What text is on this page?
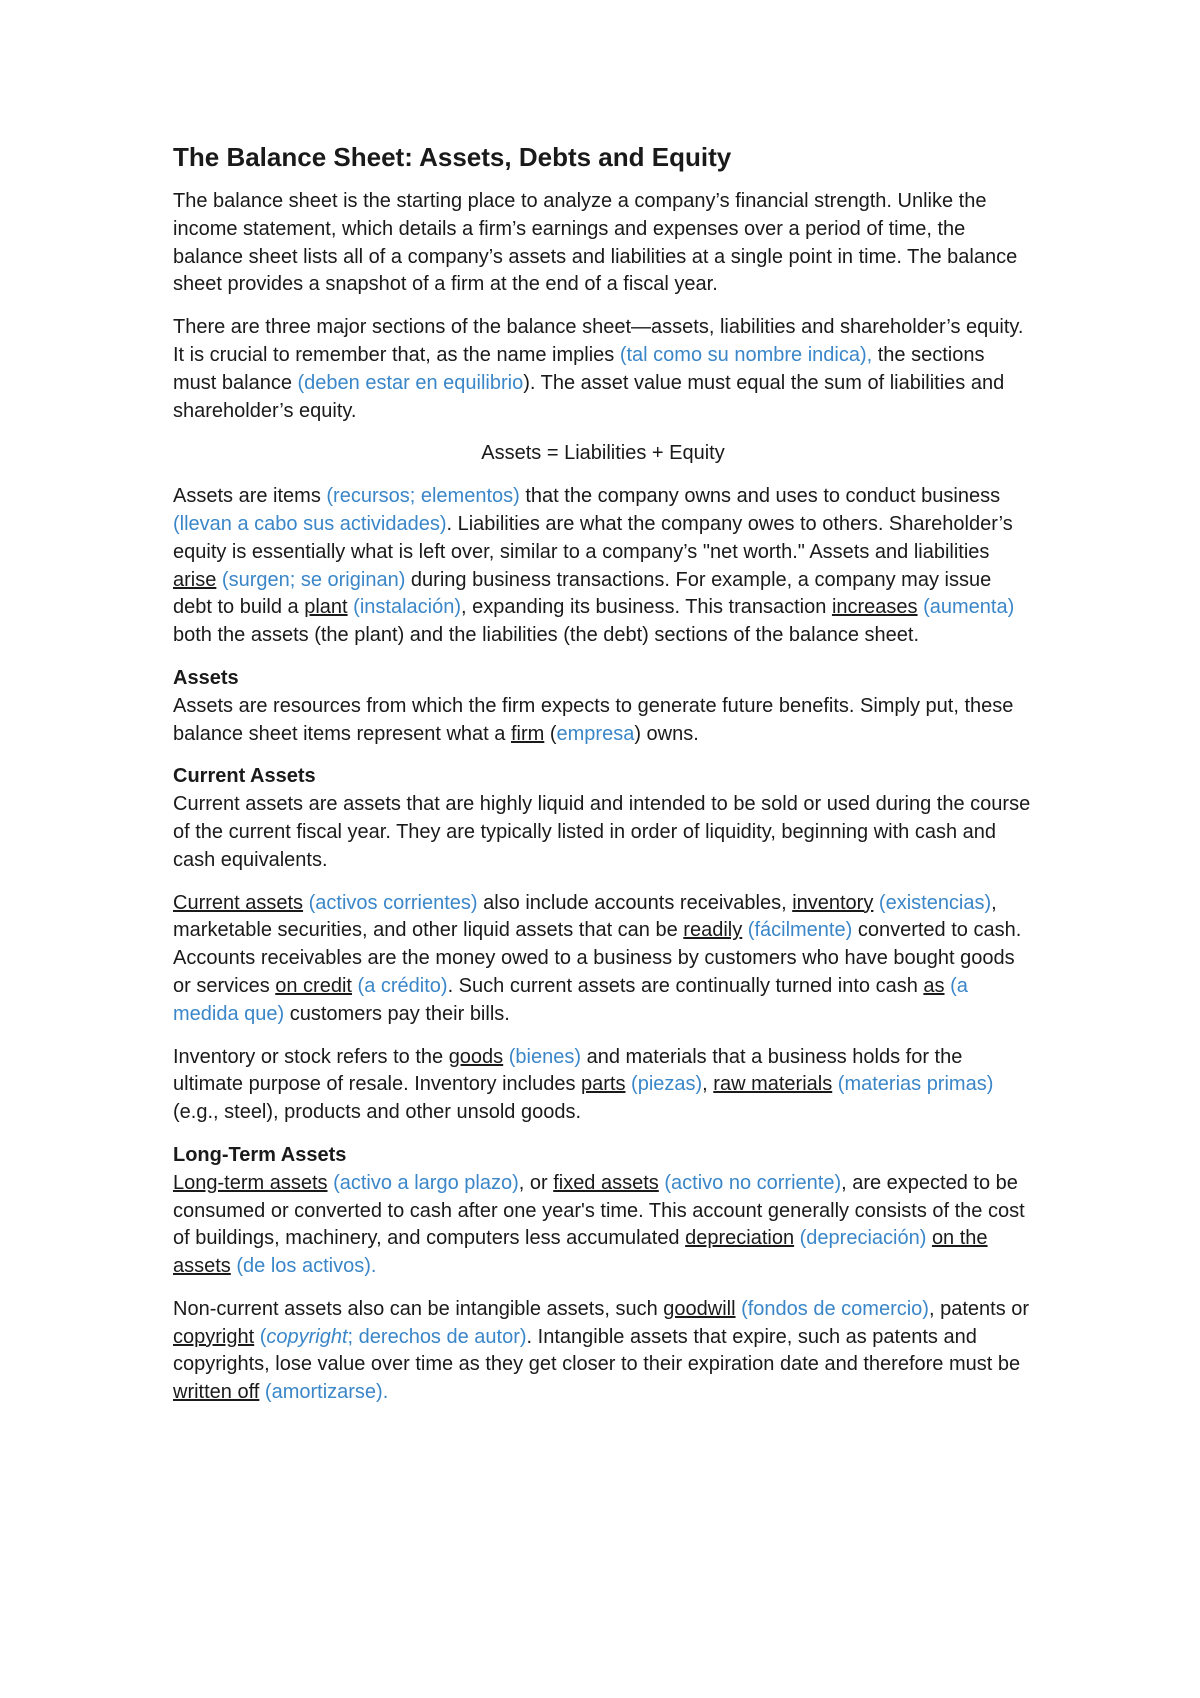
The Balance Sheet: Assets, Debts and Equity

The balance sheet is the starting place to analyze a company’s financial strength. Unlike the income statement, which details a firm’s earnings and expenses over a period of time, the balance sheet lists all of a company’s assets and liabilities at a single point in time. The balance sheet provides a snapshot of a firm at the end of a fiscal year.

There are three major sections of the balance sheet—assets, liabilities and shareholder’s equity. It is crucial to remember that, as the name implies (tal como su nombre indica), the sections must balance (deben estar en equilibrio). The asset value must equal the sum of liabilities and shareholder’s equity.

Assets = Liabilities + Equity

Assets are items (recursos; elementos) that the company owns and uses to conduct business (llevan a cabo sus actividades). Liabilities are what the company owes to others. Shareholder’s equity is essentially what is left over, similar to a company’s "net worth." Assets and liabilities arise (surgen; se originan) during business transactions. For example, a company may issue debt to build a plant (instalación), expanding its business. This transaction increases (aumenta) both the assets (the plant) and the liabilities (the debt) sections of the balance sheet.

Assets
Assets are resources from which the firm expects to generate future benefits. Simply put, these balance sheet items represent what a firm (empresa) owns.

Current Assets
Current assets are assets that are highly liquid and intended to be sold or used during the course of the current fiscal year. They are typically listed in order of liquidity, beginning with cash and cash equivalents.

Current assets (activos corrientes) also include accounts receivables, inventory (existencias), marketable securities, and other liquid assets that can be readily (fácilmente) converted to cash. Accounts receivables are the money owed to a business by customers who have bought goods or services on credit (a crédito). Such current assets are continually turned into cash as (a medida que) customers pay their bills.

Inventory or stock refers to the goods (bienes) and materials that a business holds for the ultimate purpose of resale. Inventory includes parts (piezas), raw materials (materias primas) (e.g., steel), products and other unsold goods.

Long-Term Assets
Long-term assets (activo a largo plazo), or fixed assets (activo no corriente), are expected to be consumed or converted to cash after one year's time. This account generally consists of the cost of buildings, machinery, and computers less accumulated depreciation (depreciación) on the assets (de los activos).

Non-current assets also can be intangible assets, such goodwill (fondos de comercio), patents or copyright (copyright; derechos de autor). Intangible assets that expire, such as patents and copyrights, lose value over time as they get closer to their expiration date and therefore must be written off (amortizarse).
